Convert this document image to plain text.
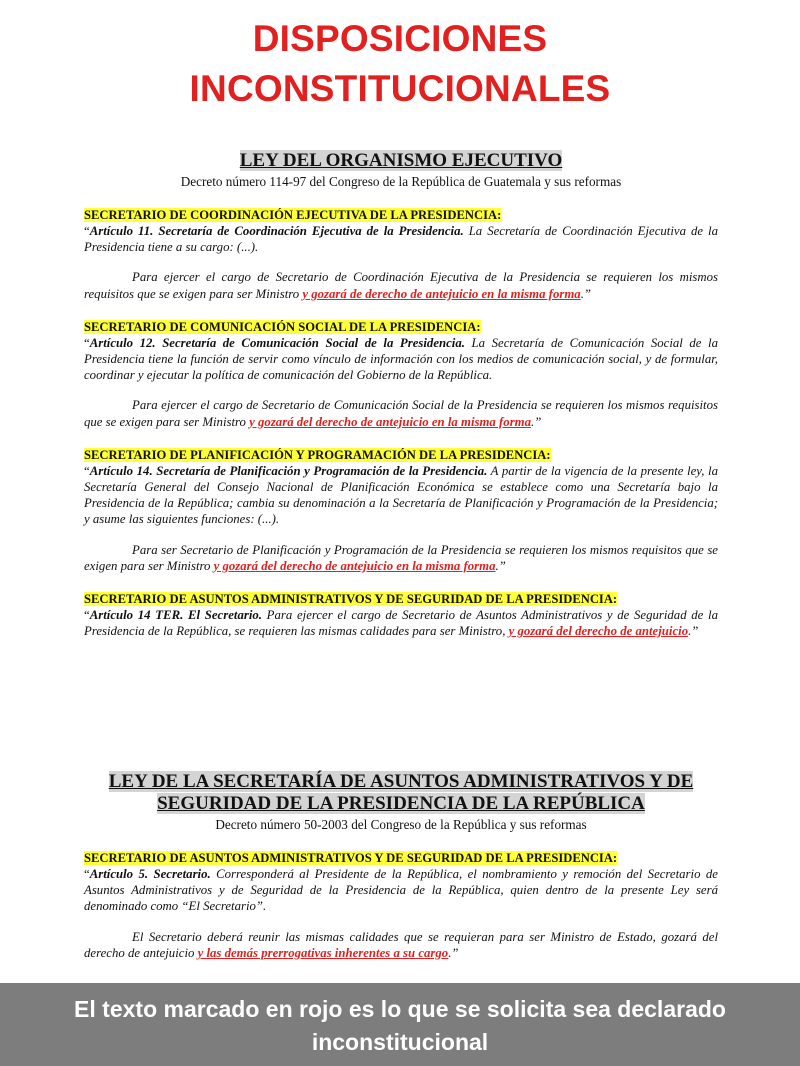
DISPOSICIONES
INCONSTITUCIONALES

LEY DEL ORGANISMO EJECUTIVO

Decreto número 114-97 del Congreso de la República de Guatemala y sus reformas

SECRETARIO DE COORDINACIÓN EJECUTIVA DE LA PRESIDENCIA:

“Artículo 11. Secretaría de Coordinación Ejecutiva de la Presidencia. La Secretaría de Coordinación Ejecutiva de la Presidencia tiene a su cargo: (...).

Para ejercer el cargo de Secretario de Coordinación Ejecutiva de la Presidencia se requieren los mismos requisitos que se exigen para ser Ministro y gozará de derecho de antejuicio en la misma forma.”

SECRETARIO DE COMUNICACIÓN SOCIAL DE LA PRESIDENCIA:

“Artículo 12. Secretaría de Comunicación Social de la Presidencia. La Secretaría de Comunicación Social de la Presidencia tiene la función de servir como vínculo de información con los medios de comunicación social, y de formular, coordinar y ejecutar la política de comunicación del Gobierno de la República.

Para ejercer el cargo de Secretario de Comunicación Social de la Presidencia se requieren los mismos requisitos que se exigen para ser Ministro y gozará del derecho de antejuicio en la misma forma.”

SECRETARIO DE PLANIFICACIÓN Y PROGRAMACIÓN DE LA PRESIDENCIA:

“Artículo 14. Secretaría de Planificación y Programación de la Presidencia. A partir de la vigencia de la presente ley, la Secretaría General del Consejo Nacional de Planificación Económica se establece como una Secretaría bajo la Presidencia de la República; cambia su denominación a la Secretaría de Planificación y Programación de la Presidencia; y asume las siguientes funciones: (...).

Para ser Secretario de Planificación y Programación de la Presidencia se requieren los mismos requisitos que se exigen para ser Ministro y gozará del derecho de antejuicio en la misma forma.”

SECRETARIO DE ASUNTOS ADMINISTRATIVOS Y DE SEGURIDAD DE LA PRESIDENCIA:

“Artículo 14 TER. El Secretario. Para ejercer el cargo de Secretario de Asuntos Administrativos y de Seguridad de la Presidencia de la República, se requieren las mismas calidades para ser Ministro, y gozará del derecho de antejuicio.”

LEY DE LA SECRETARÍA DE ASUNTOS ADMINISTRATIVOS Y DE
SEGURIDAD DE LA PRESIDENCIA DE LA REPÚBLICA

Decreto número 50-2003 del Congreso de la República y sus reformas

SECRETARIO DE ASUNTOS ADMINISTRATIVOS Y DE SEGURIDAD DE LA PRESIDENCIA:

“Artículo 5. Secretario. Corresponderá al Presidente de la República, el nombramiento y remoción del Secretario de Asuntos Administrativos y de Seguridad de la Presidencia de la República, quien dentro de la presente Ley será denominado como “El Secretario”.

El Secretario deberá reunir las mismas calidades que se requieran para ser Ministro de Estado, gozará del derecho de antejuicio y las demás prerrogativas inherentes a su cargo.”

El texto marcado en rojo es lo que se solicita sea declarado
inconstitucional
